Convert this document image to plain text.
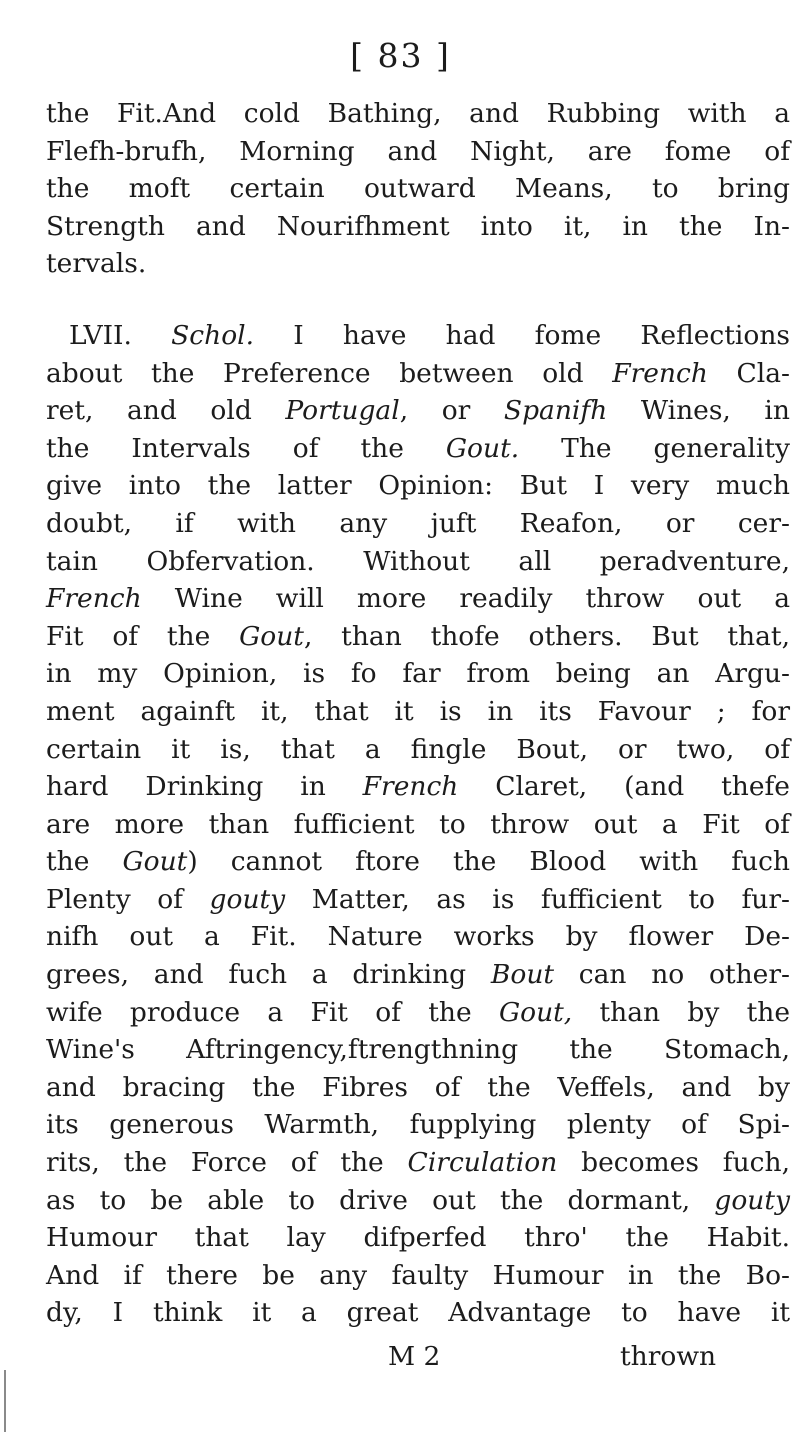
[ 83 ]
the Fit.And cold Bathing, and Rubbing with a
Flefh-brufh, Morning and Night, are fome of
the moft certain outward Means, to bring
Strength and Nourifhment into it, in the In-
tervals.
LVII. Schol. I have had fome Reflections
about the Preference between old French Cla-
ret, and old Portugal, or Spanifh Wines, in
the Intervals of the Gout. The generality
give into the latter Opinion: But I very much
doubt, if with any juft Reafon, or cer-
tain Obfervation. Without all peradventure,
French Wine will more readily throw out a
Fit of the Gout, than thofe others. But that,
in my Opinion, is fo far from being an Argu-
ment againft it, that it is in its Favour ; for
certain it is, that a fingle Bout, or two, of
hard Drinking in French Claret, (and thefe
are more than fufficient to throw out a Fit of
the Gout) cannot ftore the Blood with fuch
Plenty of gouty Matter, as is fufficient to fur-
nifh out a Fit. Nature works by flower De-
grees, and fuch a drinking Bout can no other-
wife produce a Fit of the Gout, than by the
Wine's Aftringency,ftrengthning the Stomach,
and bracing the Fibres of the Veffels, and by
its generous Warmth, fupplying plenty of Spi-
rits, the Force of the Circulation becomes fuch,
as to be able to drive out the dormant, gouty
Humour that lay difperfed thro' the Habit.
And if there be any faulty Humour in the Bo-
dy, I think it a great Advantage to have it
M 2	thrown
